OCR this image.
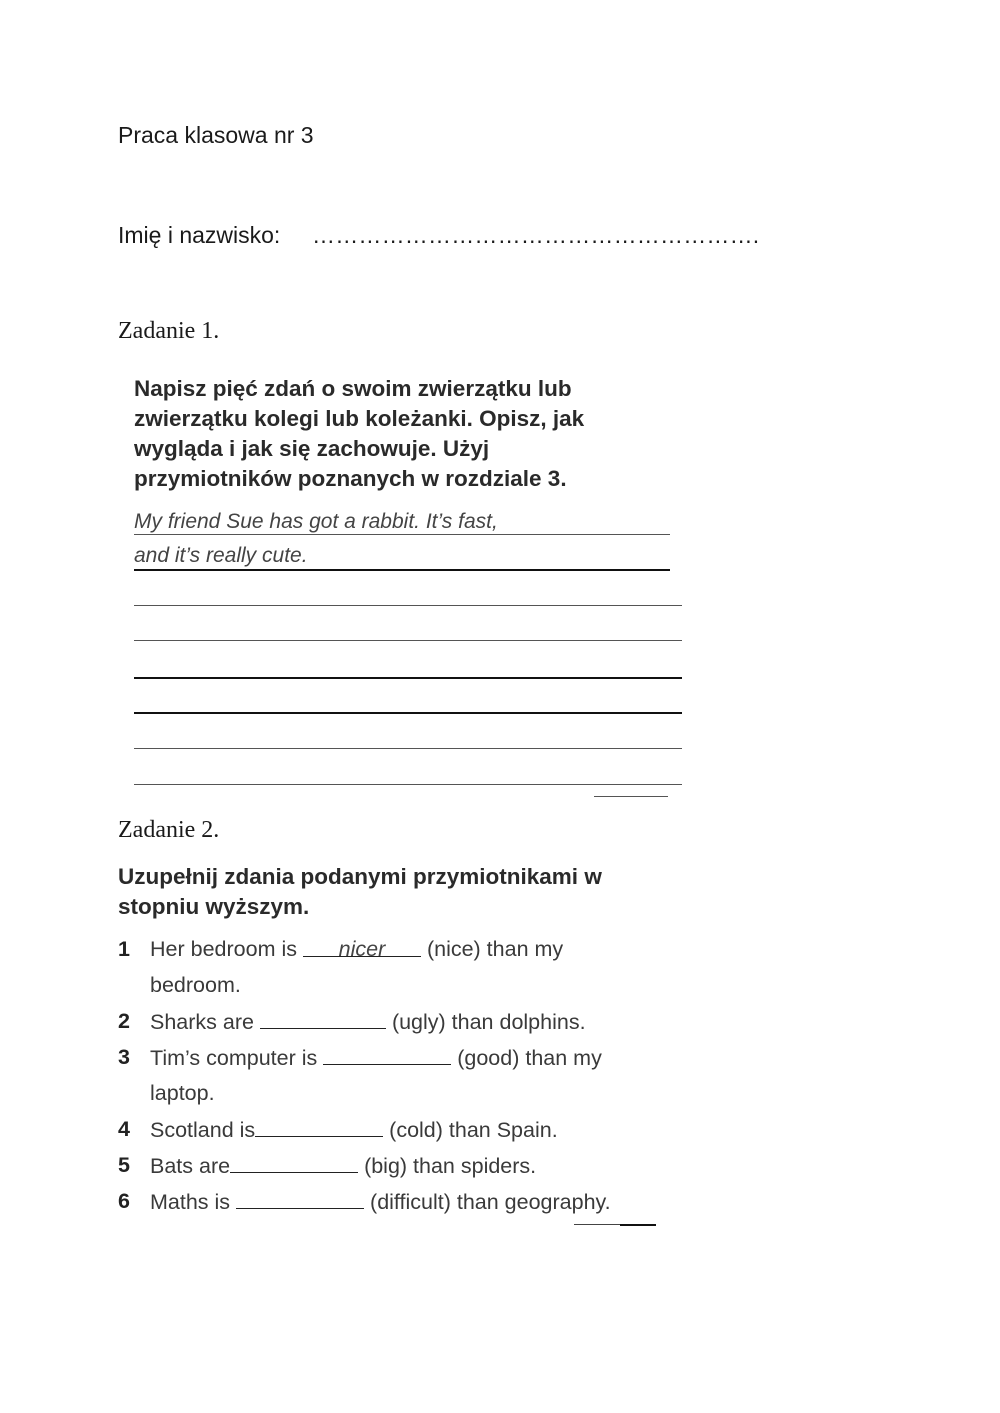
Praca klasowa nr 3
Imię i nazwisko: ………………………………………………….
Zadanie 1.
Napisz pięć zdań o swoim zwierzątku lub
zwierzątku kolegi lub koleżanki. Opisz, jak
wygląda i jak się zachowuje. Użyj
przymiotników poznanych w rozdziale 3.
My friend Sue has got a rabbit. It’s fast,
and it’s really cute.
Zadanie 2.
Uzupełnij zdania podanymi przymiotnikami w
stopniu wyższym.
1 Her bedroom is nicer (nice) than my
bedroom.
2 Sharks are	(ugly) than dolphins.
3 Tim’s computer is	(good) than my
laptop.
4 Scotland is	(cold) than Spain.
5 Bats are	(big) than spiders.
6 Maths is	(difficult) than geography.
